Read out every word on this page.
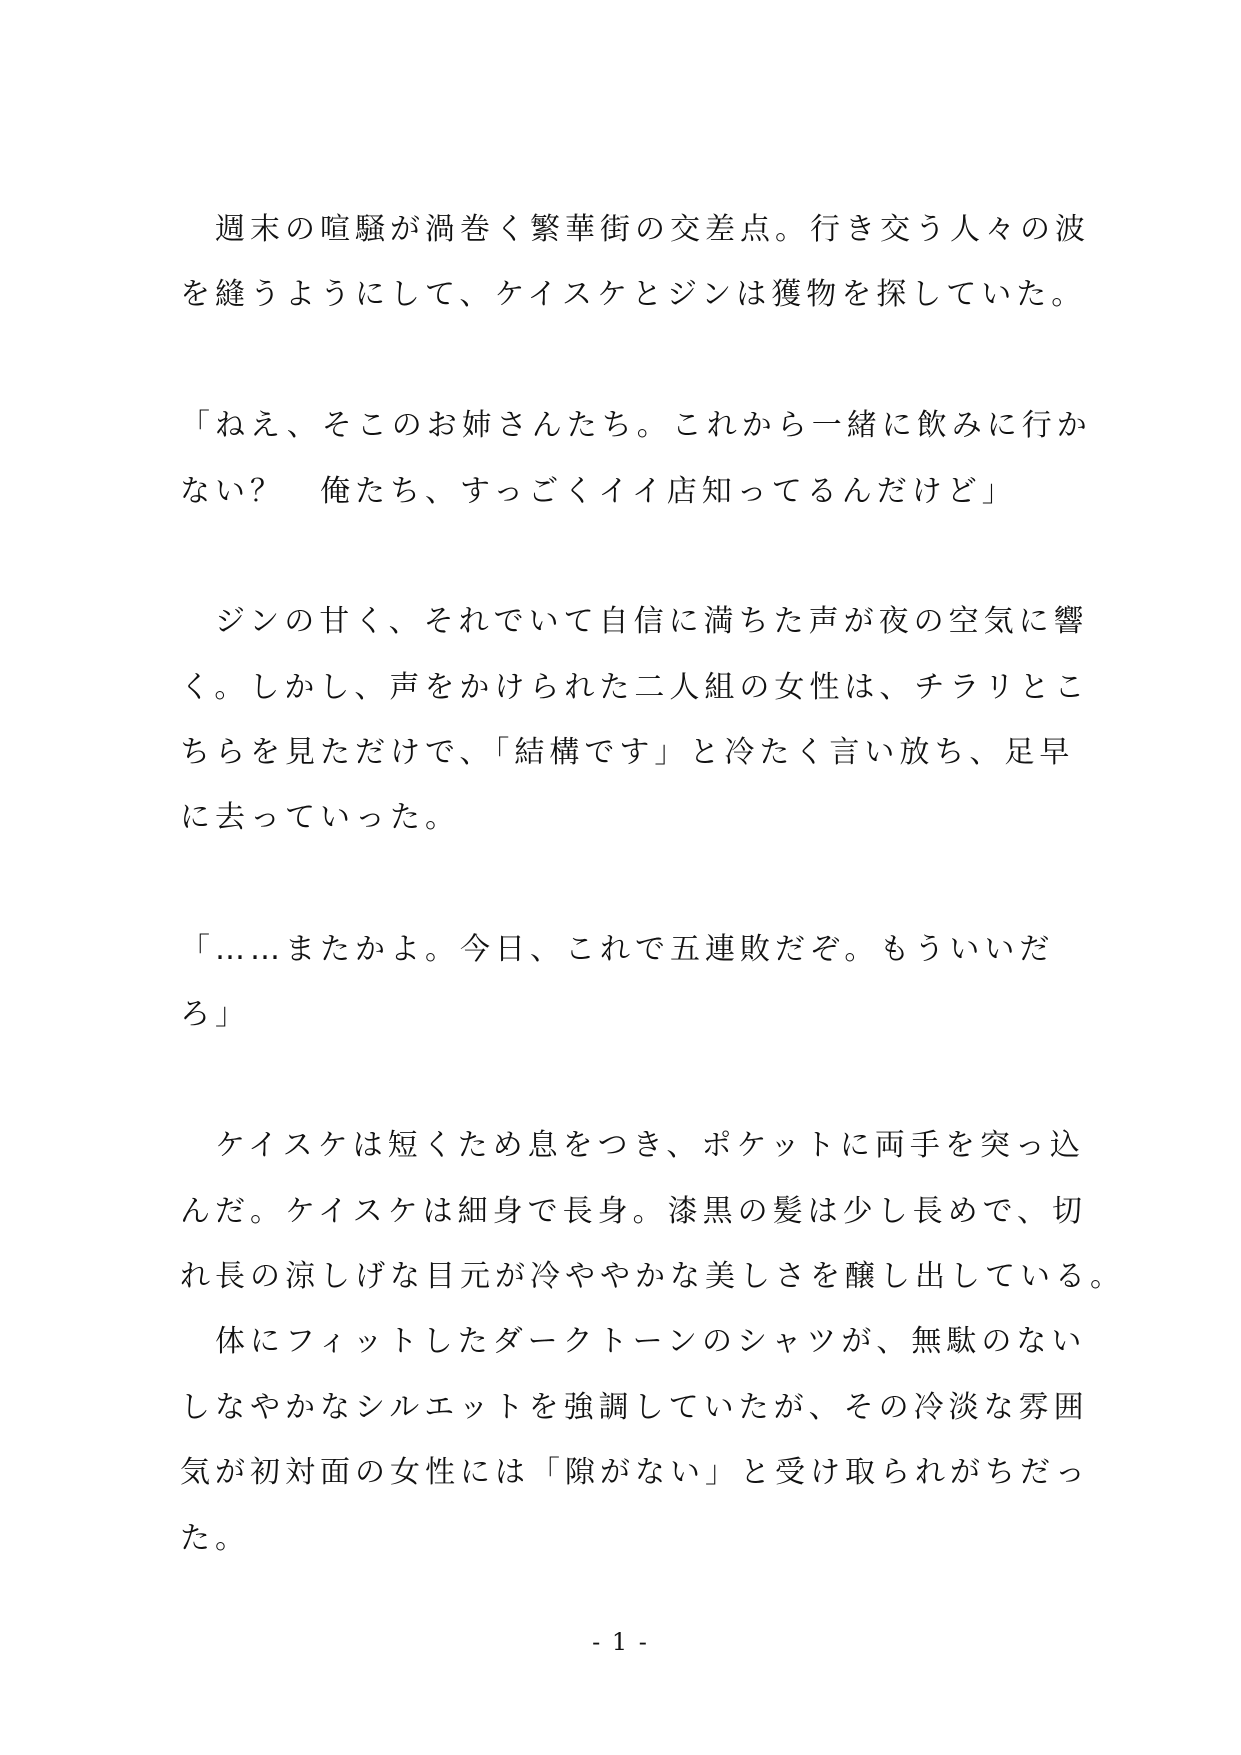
　週末の喧騒が渦巻く繁華街の交差点。行き交う人々の波
を縫うようにして、ケイスケとジンは獲物を探していた。
「ねえ、そこのお姉さんたち。これから一緒に飲みに行か
ない？　俺たち、すっごくイイ店知ってるんだけど」
　ジンの甘く、それでいて自信に満ちた声が夜の空気に響
く。しかし、声をかけられた二人組の女性は、チラリとこ
ちらを見ただけで、「結構です」と冷たく言い放ち、足早
に去っていった。
「……またかよ。今日、これで五連敗だぞ。もういいだ
ろ」
　ケイスケは短くため息をつき、ポケットに両手を突っ込
んだ。ケイスケは細身で長身。漆黒の髪は少し長めで、切
れ長の涼しげな目元が冷ややかな美しさを醸し出している。
　体にフィットしたダークトーンのシャツが、無駄のない
しなやかなシルエットを強調していたが、その冷淡な雰囲
気が初対面の女性には「隙がない」と受け取られがちだっ
た。
- 1 -
